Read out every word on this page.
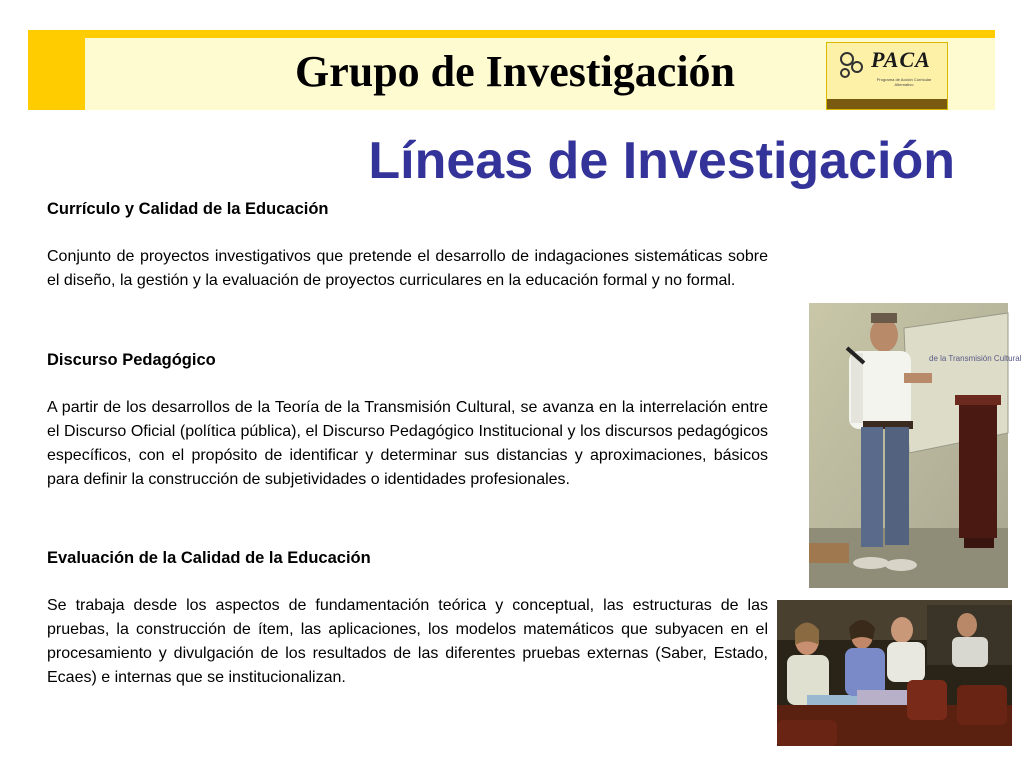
Grupo de Investigación	PACA
Programa de Acción Curricular Alternativo
Líneas de Investigación
Currículo y Calidad de la Educación

Conjunto de proyectos investigativos que pretende el desarrollo de indagaciones sistemáticas sobre el diseño, la gestión y la evaluación de proyectos curriculares en la educación formal y no formal.

Discurso Pedagógico

A partir de los desarrollos de la Teoría de la Transmisión Cultural, se avanza en la interrelación entre el Discurso Oficial (política pública), el Discurso Pedagógico Institucional y los discursos pedagógicos específicos, con el propósito de identificar y determinar sus distancias y aproximaciones, básicos para definir la construcción de subjetividades o identidades profesionales.

Evaluación de la Calidad de la Educación

Se trabaja desde los aspectos de fundamentación teórica y conceptual, las estructuras de las pruebas, la construcción de ítem, las aplicaciones, los modelos matemáticos que subyacen en el procesamiento y divulgación de los resultados de las diferentes pruebas externas (Saber, Estado, Ecaes) e internas que se institucionalizan.

de la Transmisión Cultural
